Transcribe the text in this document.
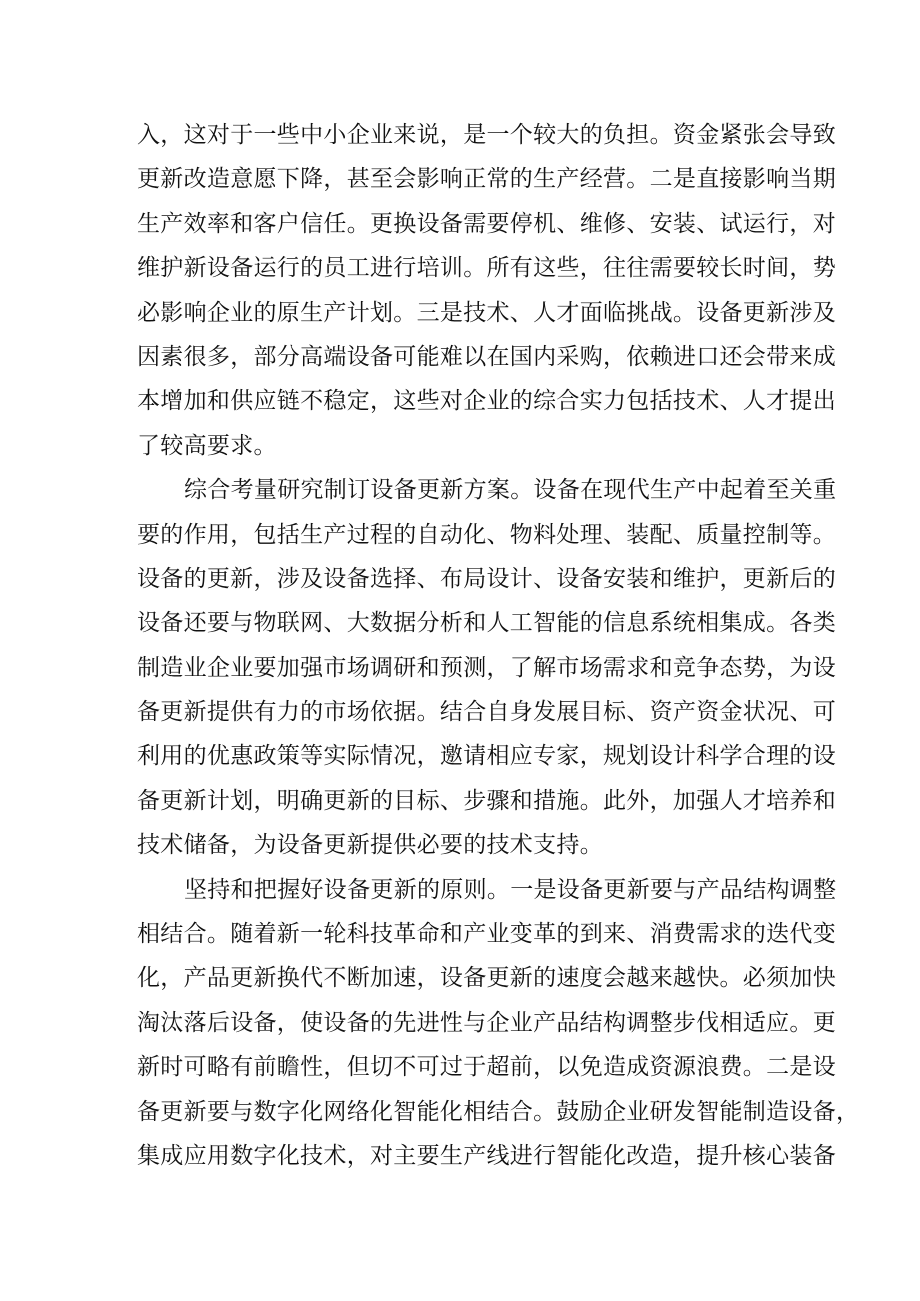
入，这对于一些中小企业来说，是一个较大的负担。资金紧张会导致
更新改造意愿下降，甚至会影响正常的生产经营。二是直接影响当期
生产效率和客户信任。更换设备需要停机、维修、安装、试运行，对
维护新设备运行的员工进行培训。所有这些，往往需要较长时间，势
必影响企业的原生产计划。三是技术、人才面临挑战。设备更新涉及
因素很多，部分高端设备可能难以在国内采购，依赖进口还会带来成
本增加和供应链不稳定，这些对企业的综合实力包括技术、人才提出
了较高要求。
综合考量研究制订设备更新方案。设备在现代生产中起着至关重
要的作用，包括生产过程的自动化、物料处理、装配、质量控制等。
设备的更新，涉及设备选择、布局设计、设备安装和维护，更新后的
设备还要与物联网、大数据分析和人工智能的信息系统相集成。各类
制造业企业要加强市场调研和预测，了解市场需求和竞争态势，为设
备更新提供有力的市场依据。结合自身发展目标、资产资金状况、可
利用的优惠政策等实际情况，邀请相应专家，规划设计科学合理的设
备更新计划，明确更新的目标、步骤和措施。此外，加强人才培养和
技术储备，为设备更新提供必要的技术支持。
坚持和把握好设备更新的原则。一是设备更新要与产品结构调整
相结合。随着新一轮科技革命和产业变革的到来、消费需求的迭代变
化，产品更新换代不断加速，设备更新的速度会越来越快。必须加快
淘汰落后设备，使设备的先进性与企业产品结构调整步伐相适应。更
新时可略有前瞻性，但切不可过于超前，以免造成资源浪费。二是设
备更新要与数字化网络化智能化相结合。鼓励企业研发智能制造设备，
集成应用数字化技术，对主要生产线进行智能化改造，提升核心装备
